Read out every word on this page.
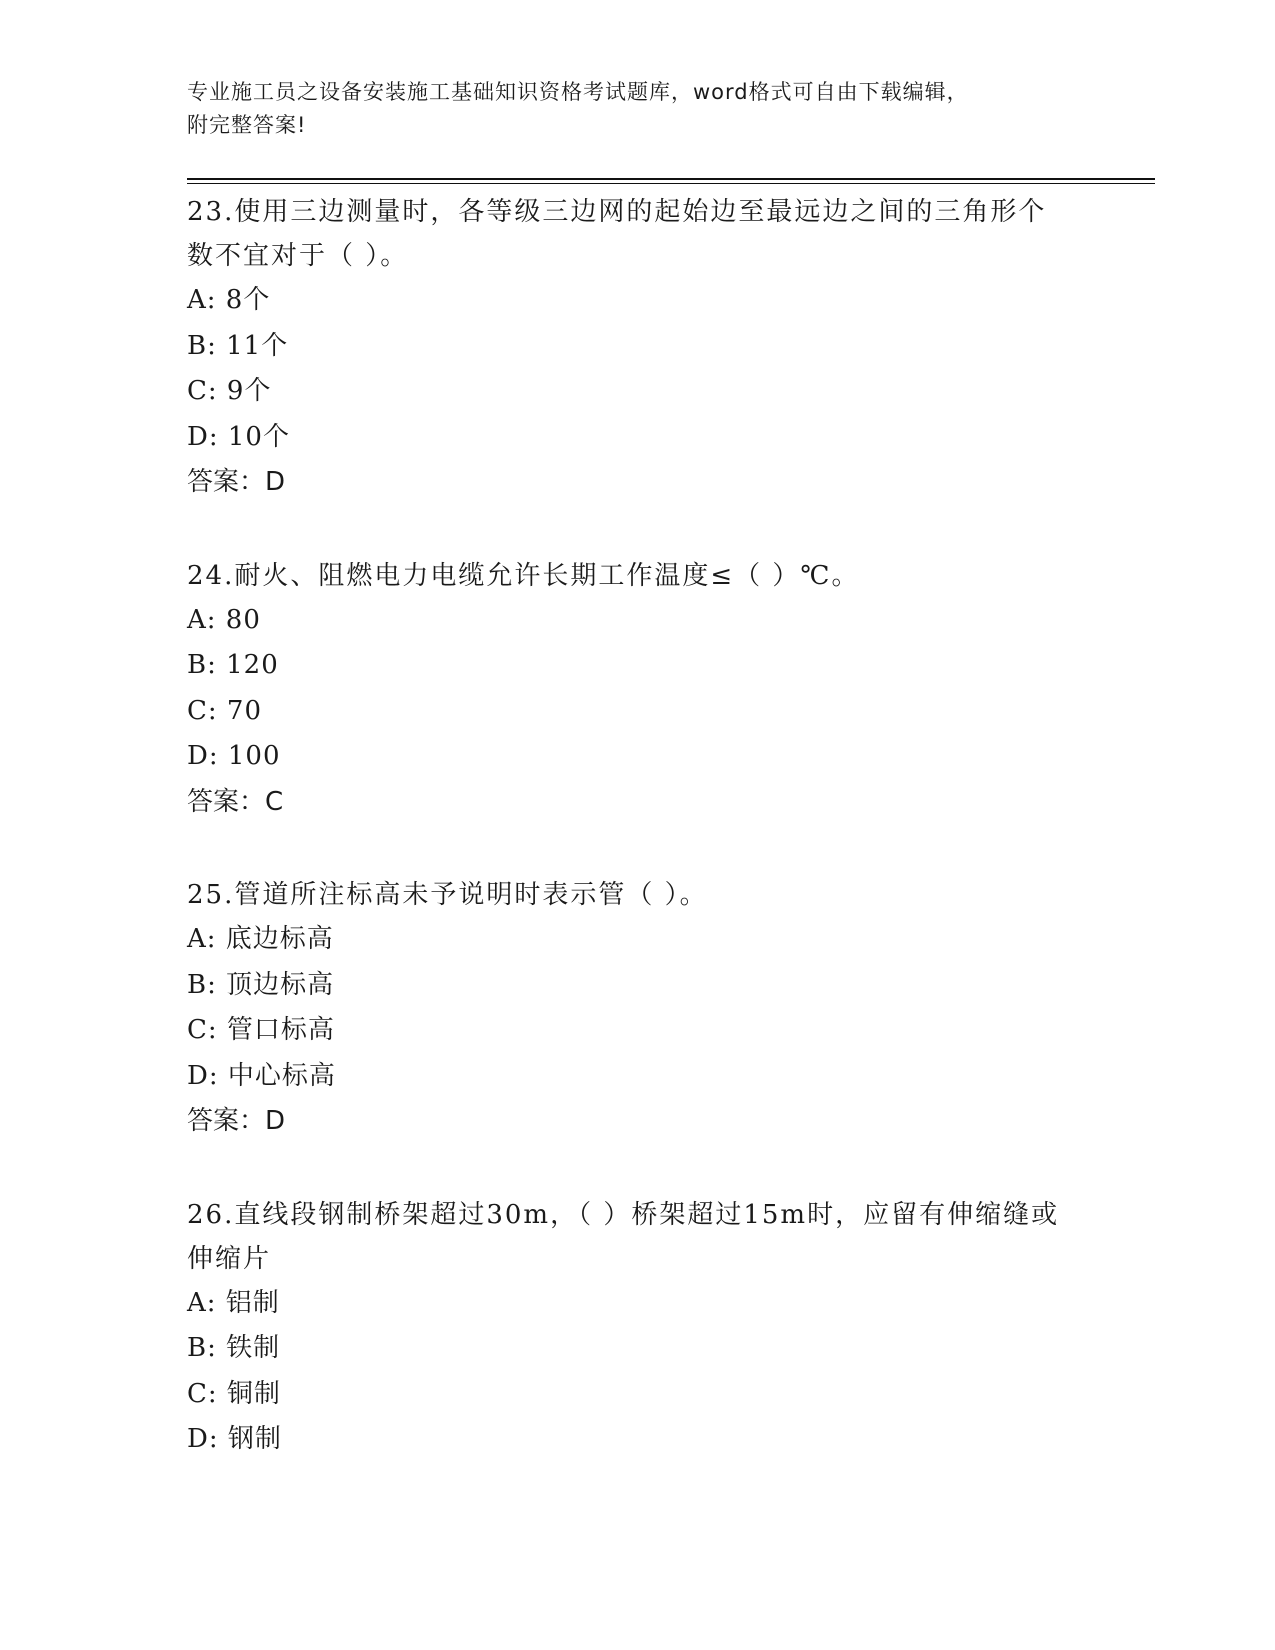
专业施工员之设备安装施工基础知识资格考试题库，word格式可自由下载编辑，
附完整答案!

23.使用三边测量时，各等级三边网的起始边至最远边之间的三角形个

数不宜对于（ ）。

A: 8个

B: 11个

C: 9个

D: 10个

答案：D

24.耐火、阻燃电力电缆允许长期工作温度≤（ ）℃。

A: 80

B: 120

C: 70

D: 100

答案：C

25.管道所注标高未予说明时表示管（ ）。

A: 底边标高

B: 顶边标高

C: 管口标高

D: 中心标高

答案：D

26.直线段钢制桥架超过30m，（ ）桥架超过15m时，应留有伸缩缝或

伸缩片

A: 铝制

B: 铁制

C: 铜制

D: 钢制
